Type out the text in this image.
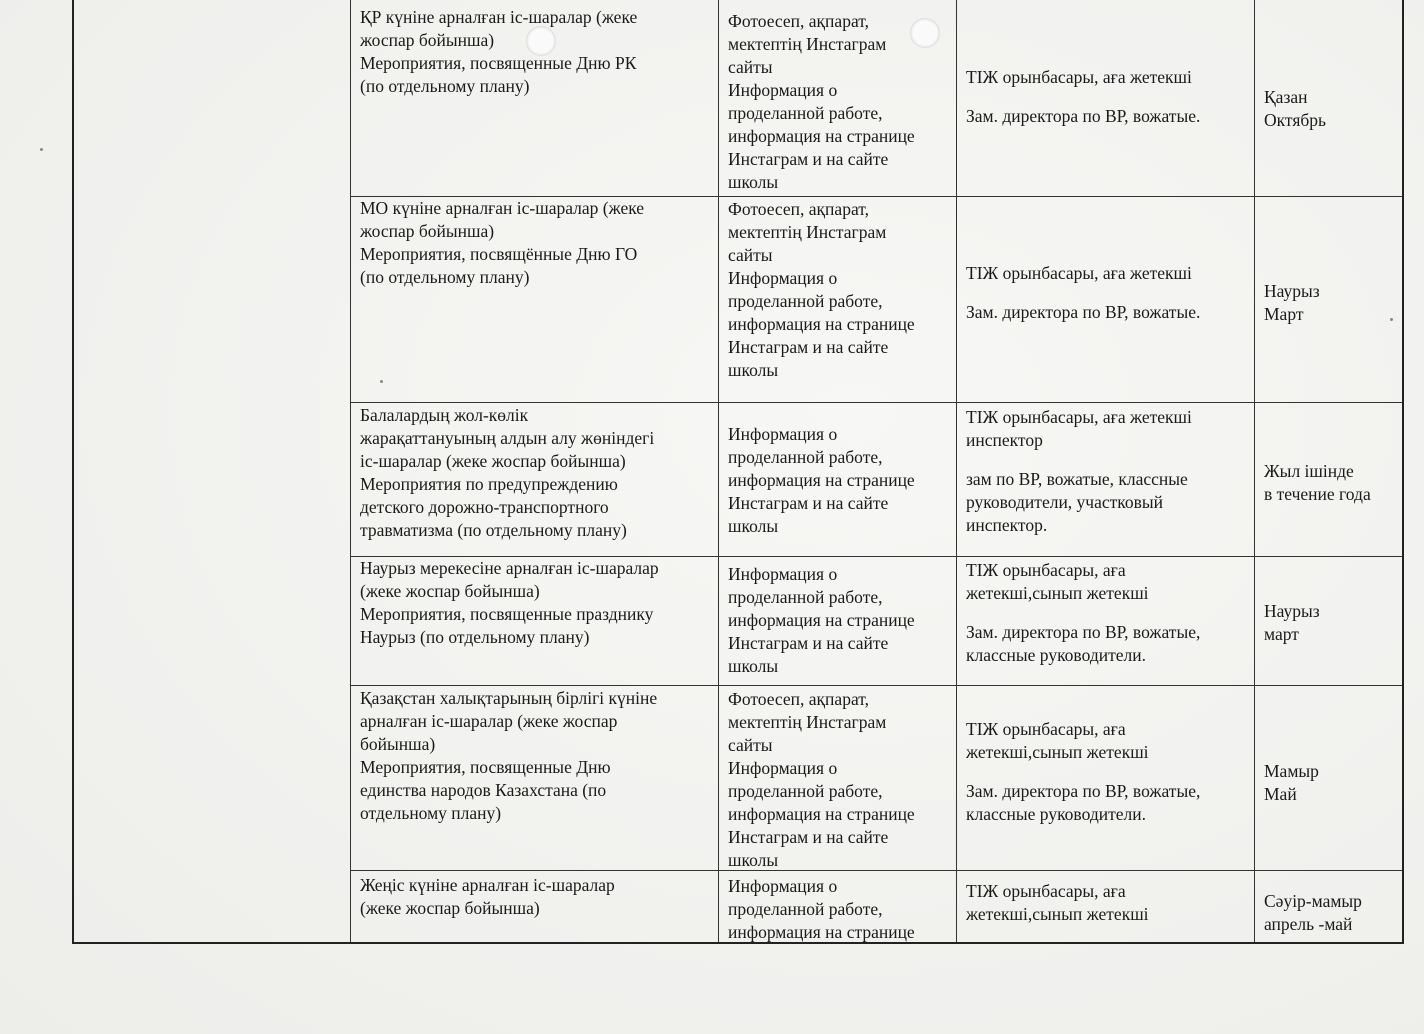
ҚР күніне арналған іс-шаралар (жеке

жоспар бойынша)

Мероприятия, посвященные Дню РК

(по отдельному плану)

Фотоесеп, ақпарат,

мектептің Инстаграм

сайты

Информация о

проделанной работе,

информация на странице

Инстаграм и на сайте

школы

ТІЖ орынбасары, аға жетекші

Зам. директора по ВР, вожатые.

Қазан

Октябрь

МО күніне арналған іс-шаралар (жеке

жоспар бойынша)

Мероприятия, посвящённые Дню ГО

(по отдельному плану)

Фотоесеп, ақпарат,

мектептің Инстаграм

сайты

Информация о

проделанной работе,

информация на странице

Инстаграм и на сайте

школы

ТІЖ орынбасары, аға жетекші

Зам. директора по ВР, вожатые.

Наурыз

Март

Балалардың жол-көлік

жарақаттануының алдын алу жөніндегі

іс-шаралар (жеке жоспар бойынша)

Мероприятия по предупреждению

детского дорожно-транспортного

травматизма (по отдельному плану)

Информация о

проделанной работе,

информация на странице

Инстаграм и на сайте

школы

ТІЖ орынбасары, аға жетекші

инспектор

зам по ВР, вожатые, классные

руководители, участковый

инспектор.

Жыл ішінде

в течение года

Наурыз мерекесіне арналған іс-шаралар

(жеке жоспар бойынша)

Мероприятия, посвященные празднику

Наурыз (по отдельному плану)

Информация о

проделанной работе,

информация на странице

Инстаграм и на сайте

школы

ТІЖ орынбасары, аға

жетекші,сынып жетекші

Зам. директора по ВР, вожатые,

классные руководители.

Наурыз

март

Қазақстан халықтарының бірлігі күніне

арналған іс-шаралар (жеке жоспар

бойынша)

Мероприятия, посвященные Дню

единства народов Казахстана (по

отдельному плану)

Фотоесеп, ақпарат,

мектептің Инстаграм

сайты

Информация о

проделанной работе,

информация на странице

Инстаграм и на сайте

школы

ТІЖ орынбасары, аға

жетекші,сынып жетекші

Зам. директора по ВР, вожатые,

классные руководители.

Мамыр

Май

Жеңіс күніне арналған іс-шаралар

(жеке жоспар бойынша)

Информация о

проделанной работе,

информация на странице

ТІЖ орынбасары, аға

жетекші,сынып жетекші

Сәуір-мамыр

апрель -май
